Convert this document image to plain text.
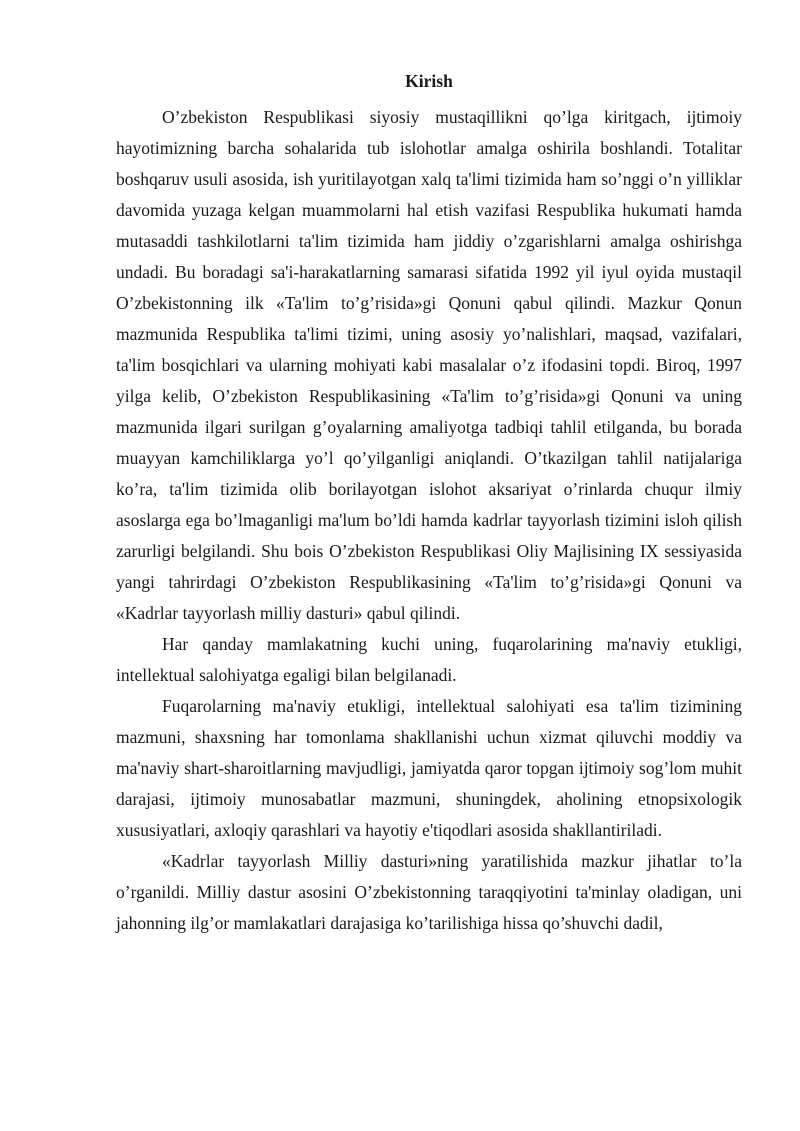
Kirish

O’zbekiston Respublikasi siyosiy mustaqillikni qo’lga kiritgach, ijtimoiy hayotimizning barcha sohalarida tub islohotlar amalga oshirila boshlandi. Totalitar boshqaruv usuli asosida, ish yuritilayotgan xalq ta'limi tizimida ham so’nggi o’n yilliklar davomida yuzaga kelgan muammolarni hal etish vazifasi Respublika hukumati hamda mutasaddi tashkilotlarni ta'lim tizimida ham jiddiy o’zgarishlarni amalga oshirishga undadi. Bu boradagi sa'i-harakatlarning samarasi sifatida 1992 yil iyul oyida mustaqil O’zbekistonning ilk «Ta'lim to’g’risida»gi Qonuni qabul qilindi. Mazkur Qonun mazmunida Respublika ta'limi tizimi, uning asosiy yo’nalishlari, maqsad, vazifalari, ta'lim bosqichlari va ularning mohiyati kabi masalalar o’z ifodasini topdi. Biroq, 1997 yilga kelib, O’zbekiston Respublikasining «Ta'lim to’g’risida»gi Qonuni va uning mazmunida ilgari surilgan g’oyalarning amaliyotga tadbiqi tahlil etilganda, bu borada muayyan kamchiliklarga yo’l qo’yilganligi aniqlandi. O’tkazilgan tahlil natijalariga ko’ra, ta'lim tizimida olib borilayotgan islohot aksariyat o’rinlarda chuqur ilmiy asoslarga ega bo’lmaganligi ma'lum bo’ldi hamda kadrlar tayyorlash tizimini isloh qilish zarurligi belgilandi. Shu bois O’zbekiston Respublikasi Oliy Majlisining IX sessiyasida yangi tahrirdagi O’zbekiston Respublikasining «Ta'lim to’g’risida»gi Qonuni va «Kadrlar tayyorlash milliy dasturi» qabul qilindi.

Har qanday mamlakatning kuchi uning, fuqarolarining ma'naviy etukligi, intellektual salohiyatga egaligi bilan belgilanadi.

Fuqarolarning ma'naviy etukligi, intellektual salohiyati esa ta'lim tizimining mazmuni, shaxsning har tomonlama shakllanishi uchun xizmat qiluvchi moddiy va ma'naviy shart-sharoitlarning mavjudligi, jamiyatda qaror topgan ijtimoiy sog’lom muhit darajasi, ijtimoiy munosabatlar mazmuni, shuningdek, aholining etnopsixologik xususiyatlari, axloqiy qarashlari va hayotiy e'tiqodlari asosida shakllantiriladi.

«Kadrlar tayyorlash Milliy dasturi»ning yaratilishida mazkur jihatlar to’la o’rganildi. Milliy dastur asosini O’zbekistonning taraqqiyotini ta'minlay oladigan, uni jahonning ilg’or mamlakatlari darajasiga ko’tarilishiga hissa qo’shuvchi dadil,
